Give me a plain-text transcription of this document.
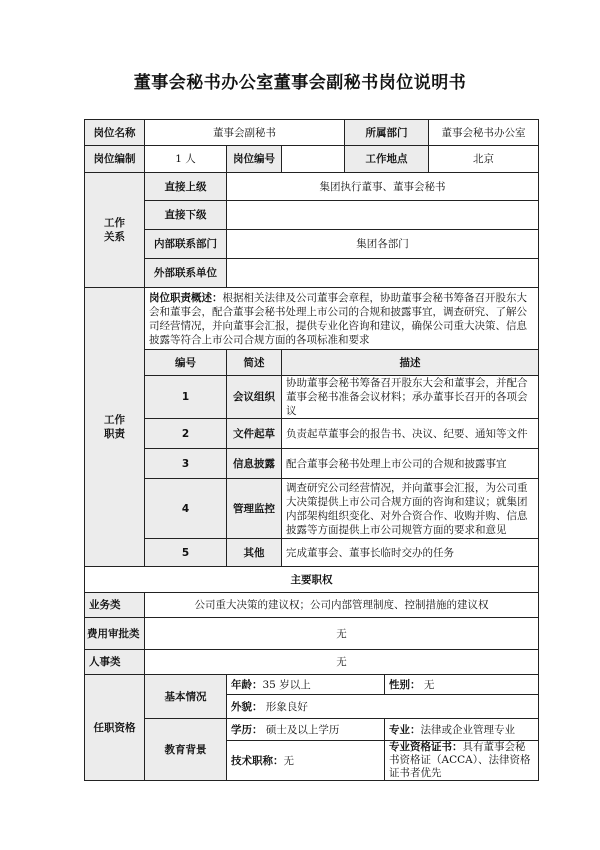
董事会秘书办公室董事会副秘书岗位说明书
岗位名称	董事会副秘书			所属部门		董事会秘书办公室
岗位编制	1 人	岗位编号		工作地点		北京

工作
关系	直接上级	集团执行董事、董事会秘书				
	直接下级					
	内部联系部门	集团各部门				
	外部联系单位					

工作
职责	岗位职责概述：根据相关法律及公司董事会章程，协助董事会秘书筹备召开股东大会和董事会，配合董事会秘书处理上市公司的合规和披露事宜，调查研究、了解公司经营情况，并向董事会汇报，提供专业化咨询和建议，确保公司重大决策、信息披露等符合上市公司合规方面的各项标准和要求					
	编号	简述	描述			
	1	会议组织	协助董事会秘书筹备召开股东大会和董事会，并配合董事会秘书准备会议材料；承办董事长召开的各项会议			
	2	文件起草	负责起草董事会的报告书、决议、纪要、通知等文件			
	3	信息披露	配合董事会秘书处理上市公司的合规和披露事宜			
	4	管理监控	调查研究公司经营情况，并向董事会汇报，为公司重大决策提供上市公司合规方面的咨询和建议；就集团内部架构组织变化、对外合资合作、收购并购、信息披露等方面提供上市公司规管方面的要求和意见			
	5	其他	完成董事会、董事长临时交办的任务			
主要职权						
业务类	公司重大决策的建议权；公司内部管理制度、控制措施的建议权					
费用审批类	无					
人事类	无					
任职资格	基本情况	年龄：35 岁以上			性别： 无	
		外貌： 形象良好				
	教育背景	学历： 硕士及以上学历			专业：法律或企业管理专业	
		技术职称：无			专业资格证书：具有董事会秘书资格证（ACCA）、法律资格证书者优先	
